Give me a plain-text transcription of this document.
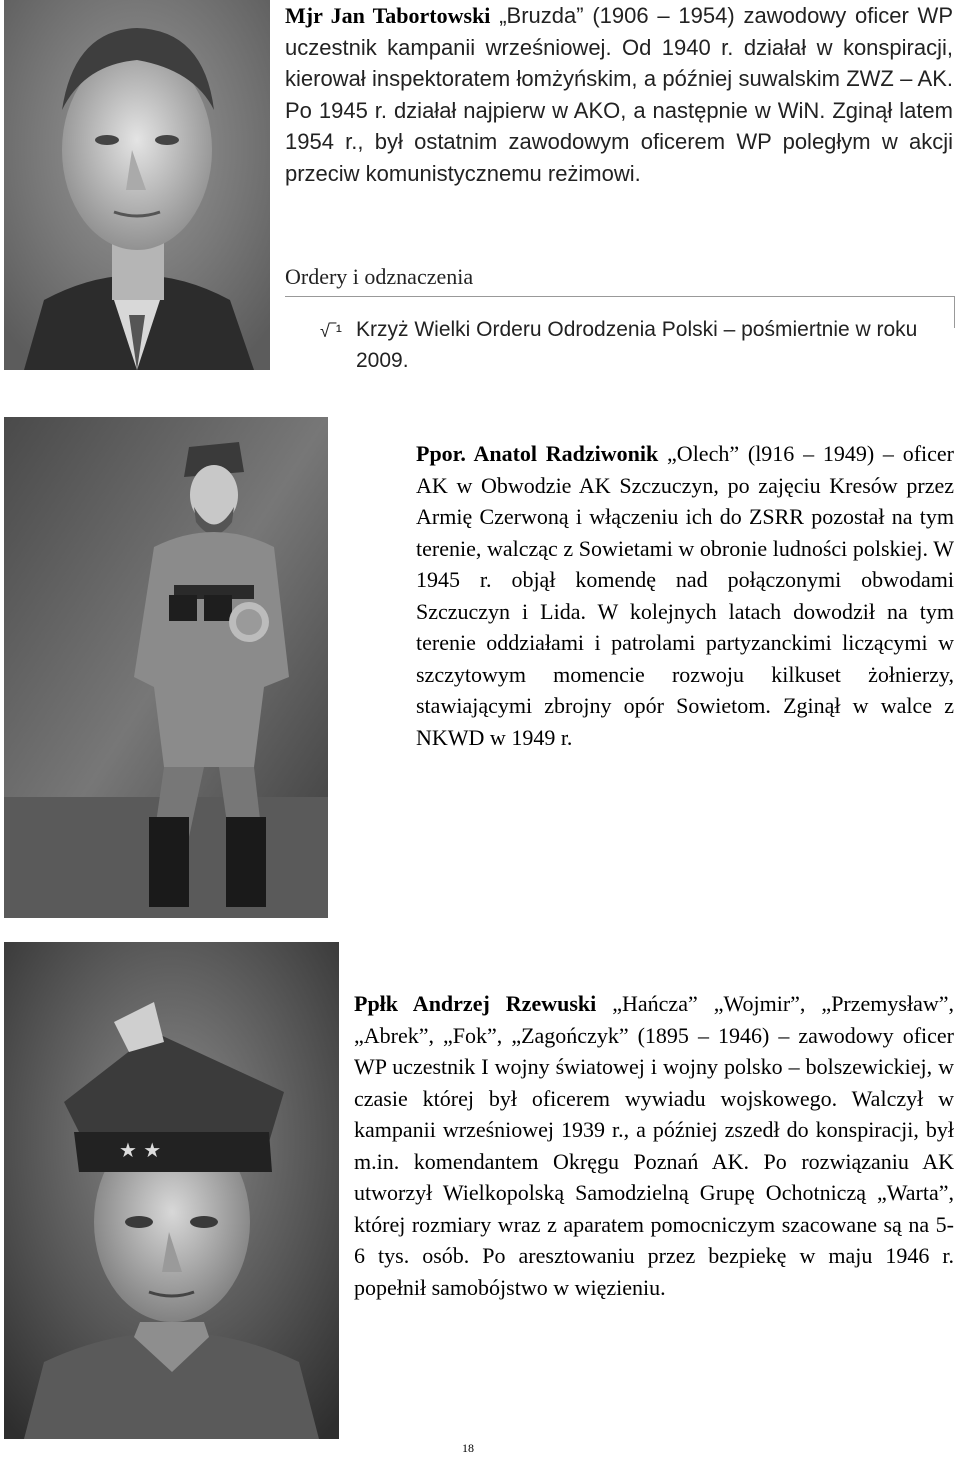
Mjr Jan Tabortowski „Bruzda” (1906 – 1954) zawodowy oficer WP uczestnik kampanii wrześniowej. Od 1940 r. działał w konspiracji, kierował inspektoratem łomżyńskim, a później suwalskim ZWZ – AK. Po 1945 r. działał najpierw w AKO, a następnie w WiN. Zginął latem 1954 r., był ostatnim zawodowym oficerem WP poległym w akcji przeciw komunistycznemu reżimowi.
Ordery i odznaczenia
√‾¹ Krzyż Wielki Orderu Odrodzenia Polski – pośmiertnie w roku 2009.
Ppor. Anatol Radziwonik „Olech” (l916 – 1949) – oficer AK w Obwodzie AK Szczuczyn, po zajęciu Kresów przez Armię Czerwoną i włączeniu ich do ZSRR pozostał na tym terenie, walcząc z Sowietami w obronie ludności polskiej. W 1945 r. objął komendę nad połączonymi obwodami Szczuczyn i Lida. W kolejnych latach dowodził na tym terenie oddziałami i patrolami partyzanckimi liczącymi w szczytowym momencie rozwoju kilkuset żołnierzy, stawiającymi zbrojny opór Sowietom. Zginął w walce z NKWD w 1949 r.
★ ★
Ppłk Andrzej Rzewuski „Hańcza” „Wojmir”, „Przemysław”, „Abrek”, „Fok”, „Zagończyk” (1895 – 1946) – zawodowy oficer WP uczestnik I wojny światowej i wojny polsko – bolszewickiej, w czasie której był oficerem wywiadu wojskowego. Walczył w kampanii wrześniowej 1939 r., a później zszedł do konspiracji, był m.in. komendantem Okręgu Poznań AK. Po rozwiązaniu AK utworzył Wielkopolską Samodzielną Grupę Ochotniczą „Warta”, której rozmiary wraz z aparatem pomocniczym szacowane są na 5-6 tys. osób. Po aresztowaniu przez bezpiekę w maju 1946 r. popełnił samobójstwo w więzieniu.
18
